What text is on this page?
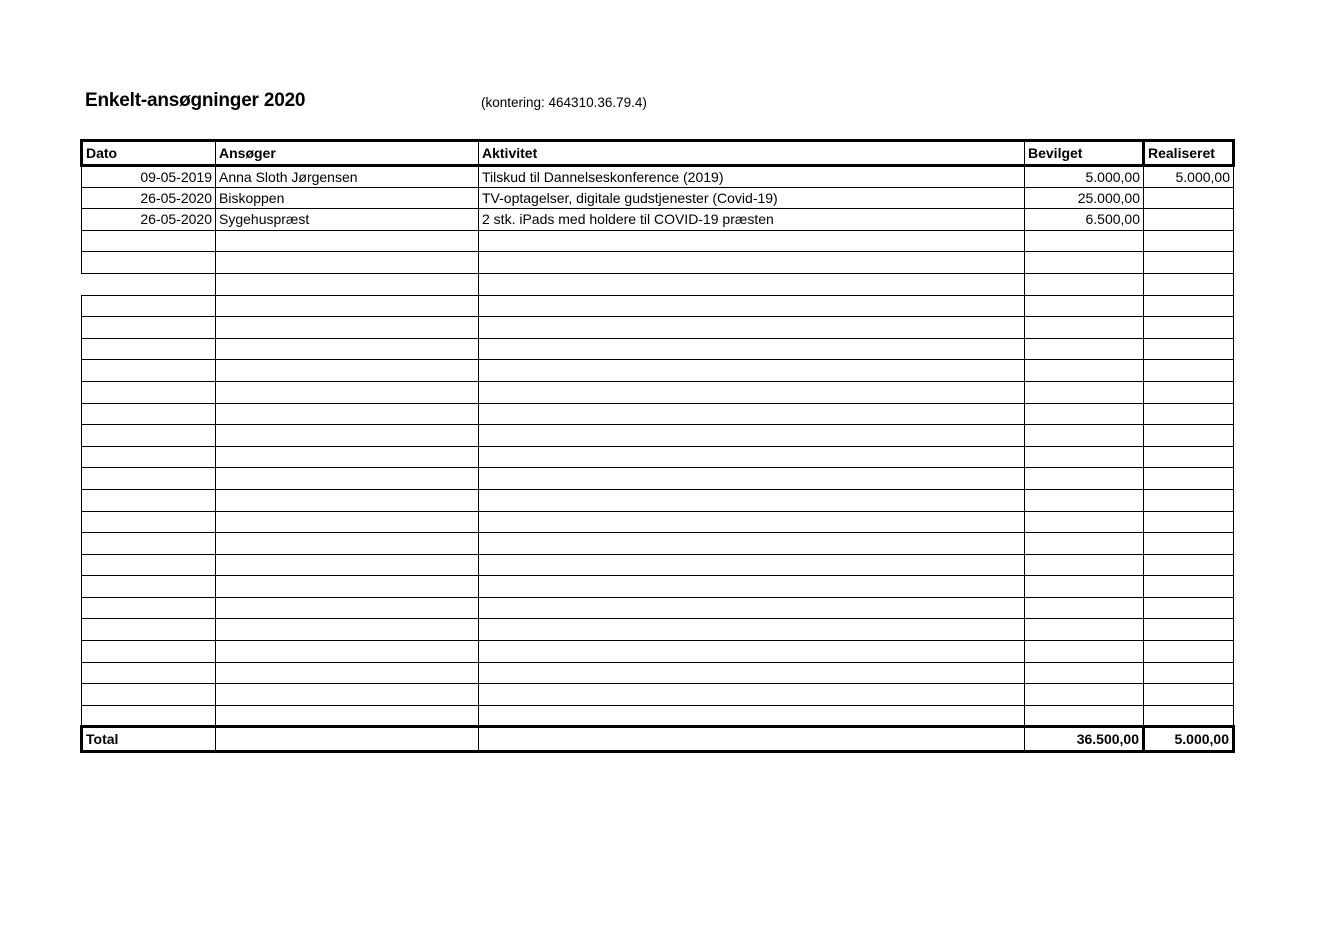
Enkelt-ansøgninger 2020	(kontering: 464310.36.79.4)
Dato	Ansøger	Aktivitet	Bevilget	Realiseret
09-05-2019	Anna Sloth Jørgensen	Tilskud til Dannelseskonference (2019)	5.000,00	5.000,00
26-05-2020	Biskoppen	TV-optagelser, digitale gudstjenester (Covid-19)	25.000,00	
26-05-2020	Sygehuspræst	2 stk. iPads med holdere til COVID-19 præsten	6.500,00	

Total			36.500,00	5.000,00
